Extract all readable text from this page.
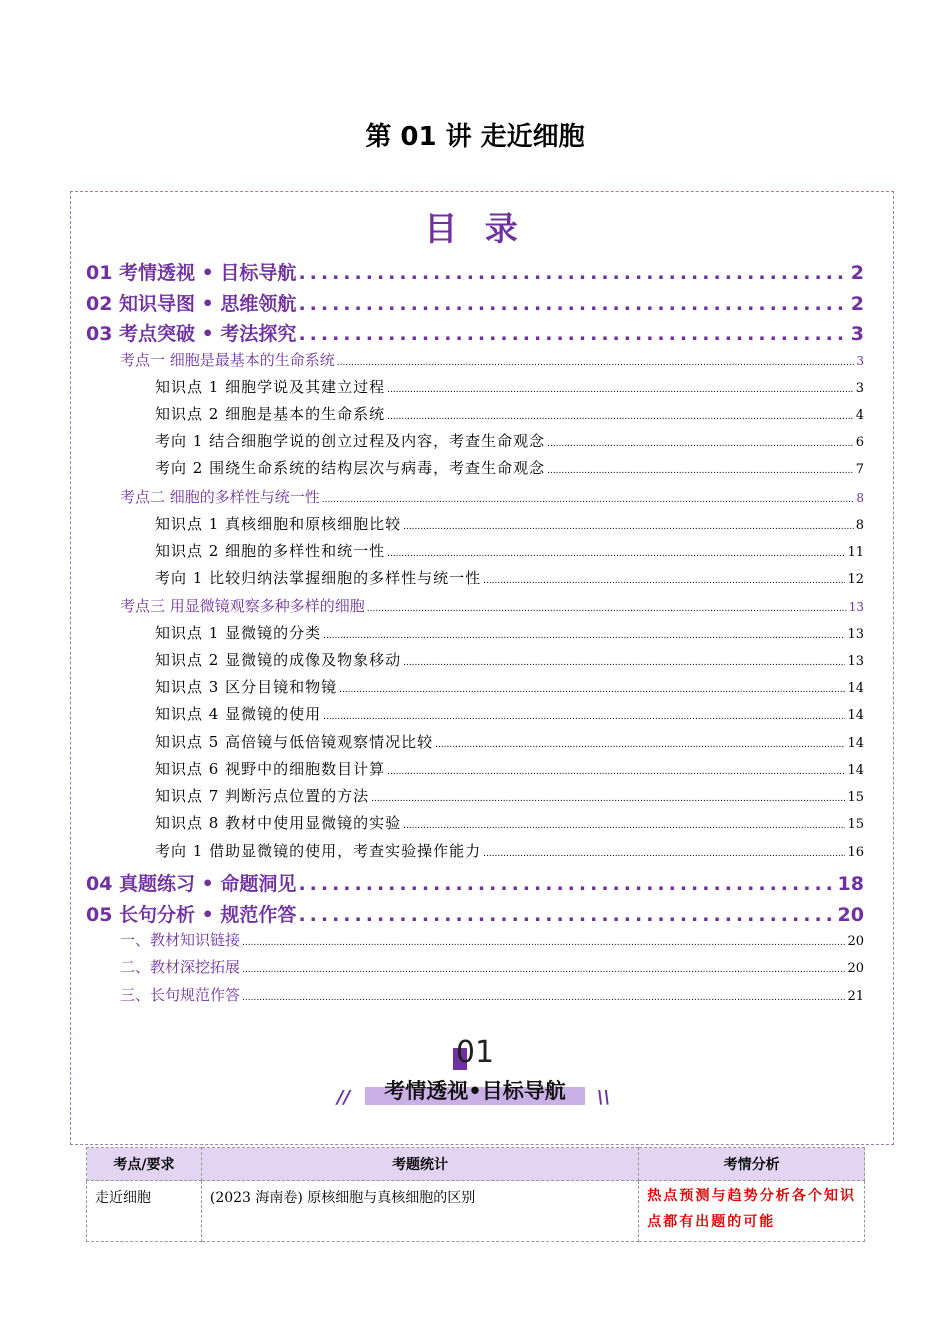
第 01 讲 走近细胞
目 录
01 考情透视 • 目标导航 .....	2
02 知识导图 • 思维领航 .....	2
03 考点突破 • 考法探究 .....	3
考点一 细胞是最基本的生命系统 .....	3
知识点 1 细胞学说及其建立过程 .....	3
知识点 2 细胞是基本的生命系统 .....	4
考向 1 结合细胞学说的创立过程及内容，考查生命观念 .....	6
考向 2 围绕生命系统的结构层次与病毒，考查生命观念 .....	7
考点二 细胞的多样性与统一性 .....	8
知识点 1 真核细胞和原核细胞比较 .....	8
知识点 2 细胞的多样性和统一性 .....	11
考向 1 比较归纳法掌握细胞的多样性与统一性 .....	12
考点三 用显微镜观察多种多样的细胞 .....	13
知识点 1 显微镜的分类 .....	13
知识点 2 显微镜的成像及物象移动 .....	13
知识点 3 区分目镜和物镜 .....	14
知识点 4 显微镜的使用 .....	14
知识点 5 高倍镜与低倍镜观察情况比较 .....	14
知识点 6 视野中的细胞数目计算 .....	14
知识点 7 判断污点位置的方法 .....	15
知识点 8 教材中使用显微镜的实验 .....	15
考向 1 借助显微镜的使用，考查实验操作能力 .....	16
04 真题练习 • 命题洞见 .....	18
05 长句分析 • 规范作答 .....	20
一、教材知识链接 .....	20
二、教材深挖拓展 .....	20
三、长句规范作答 .....	21
01
//	考情透视•目标导航	\\
考点/要求	考题统计	考情分析
走近细胞	(2023 海南卷) 原核细胞与真核细胞的区别	热点预测与趋势分析各个知识点都有出题的可能
